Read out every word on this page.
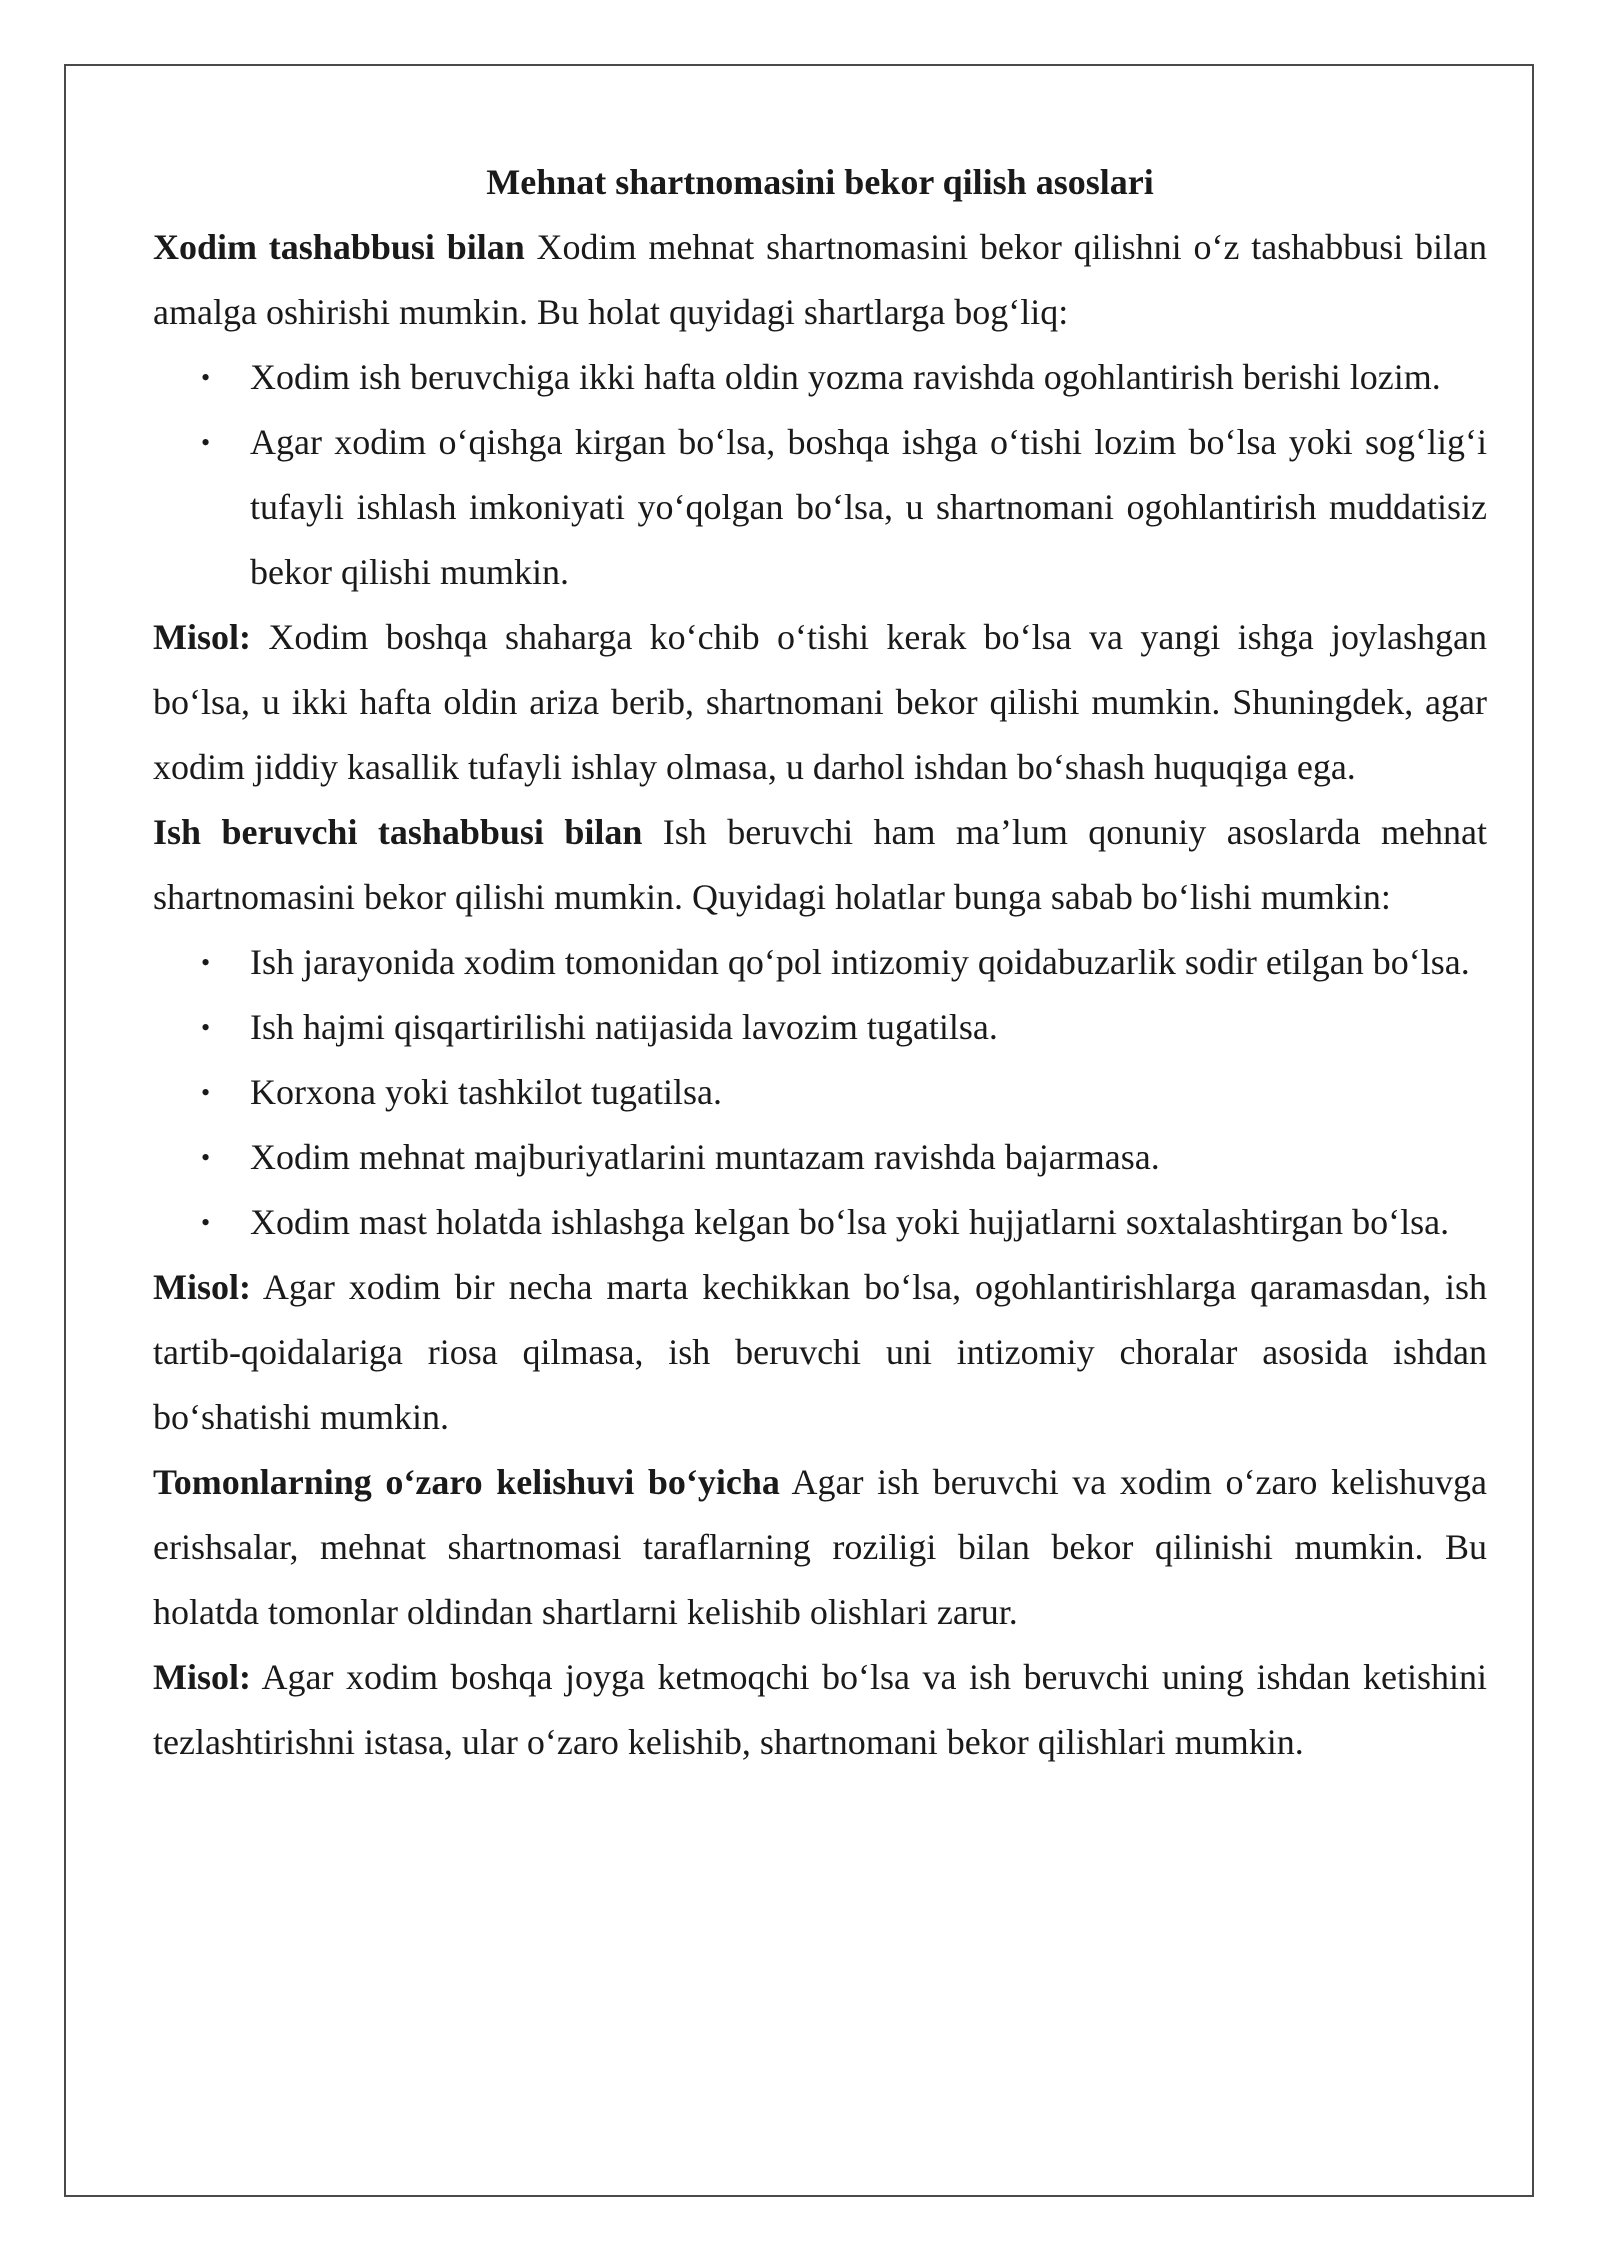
Mehnat shartnomasini bekor qilish asoslari

Xodim tashabbusi bilan Xodim mehnat shartnomasini bekor qilishni o‘z tashabbusi bilan amalga oshirishi mumkin. Bu holat quyidagi shartlarga bog‘liq:

• Xodim ish beruvchiga ikki hafta oldin yozma ravishda ogohlantirish berishi lozim.
• Agar xodim o‘qishga kirgan bo‘lsa, boshqa ishga o‘tishi lozim bo‘lsa yoki sog‘lig‘i tufayli ishlash imkoniyati yo‘qolgan bo‘lsa, u shartnomani ogohlantirish muddatisiz bekor qilishi mumkin.

Misol: Xodim boshqa shaharga ko‘chib o‘tishi kerak bo‘lsa va yangi ishga joylashgan bo‘lsa, u ikki hafta oldin ariza berib, shartnomani bekor qilishi mumkin. Shuningdek, agar xodim jiddiy kasallik tufayli ishlay olmasa, u darhol ishdan bo‘shash huquqiga ega.

Ish beruvchi tashabbusi bilan Ish beruvchi ham ma’lum qonuniy asoslarda mehnat shartnomasini bekor qilishi mumkin. Quyidagi holatlar bunga sabab bo‘lishi mumkin:

• Ish jarayonida xodim tomonidan qo‘pol intizomiy qoidabuzarlik sodir etilgan bo‘lsa.
• Ish hajmi qisqartirilishi natijasida lavozim tugatilsa.
• Korxona yoki tashkilot tugatilsa.
• Xodim mehnat majburiyatlarini muntazam ravishda bajarmasa.
• Xodim mast holatda ishlashga kelgan bo‘lsa yoki hujjatlarni soxtalashtirgan bo‘lsa.

Misol: Agar xodim bir necha marta kechikkan bo‘lsa, ogohlantirishlarga qaramasdan, ish tartib-qoidalariga riosa qilmasa, ish beruvchi uni intizomiy choralar asosida ishdan bo‘shatishi mumkin.

Tomonlarning o‘zaro kelishuvi bo‘yicha Agar ish beruvchi va xodim o‘zaro kelishuvga erishsalar, mehnat shartnomasi taraflarning roziligi bilan bekor qilinishi mumkin. Bu holatda tomonlar oldindan shartlarni kelishib olishlari zarur.

Misol: Agar xodim boshqa joyga ketmoqchi bo‘lsa va ish beruvchi uning ishdan ketishini tezlashtirishni istasa, ular o‘zaro kelishib, shartnomani bekor qilishlari mumkin.
